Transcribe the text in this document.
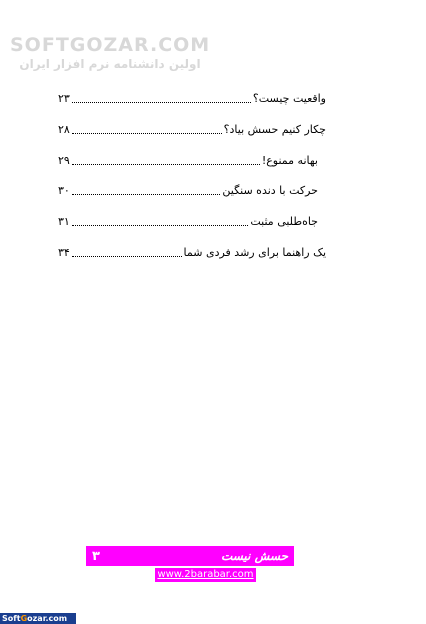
SOFTGOZAR.COM
اولین دانشنامه نرم افزار ایران
واقعیت چیست؟
۲۳
چکار کنیم حسش بیاد؟
۲۸
بهانه ممنوع!
۲۹
حرکت با دنده سنگین
۳۰
جاه‌طلبی مثبت
۳۱
یک راهنما برای رشد فردی شما
۳۴
حسش نیست
۳
www.2barabar.com
SoftGozar.com
